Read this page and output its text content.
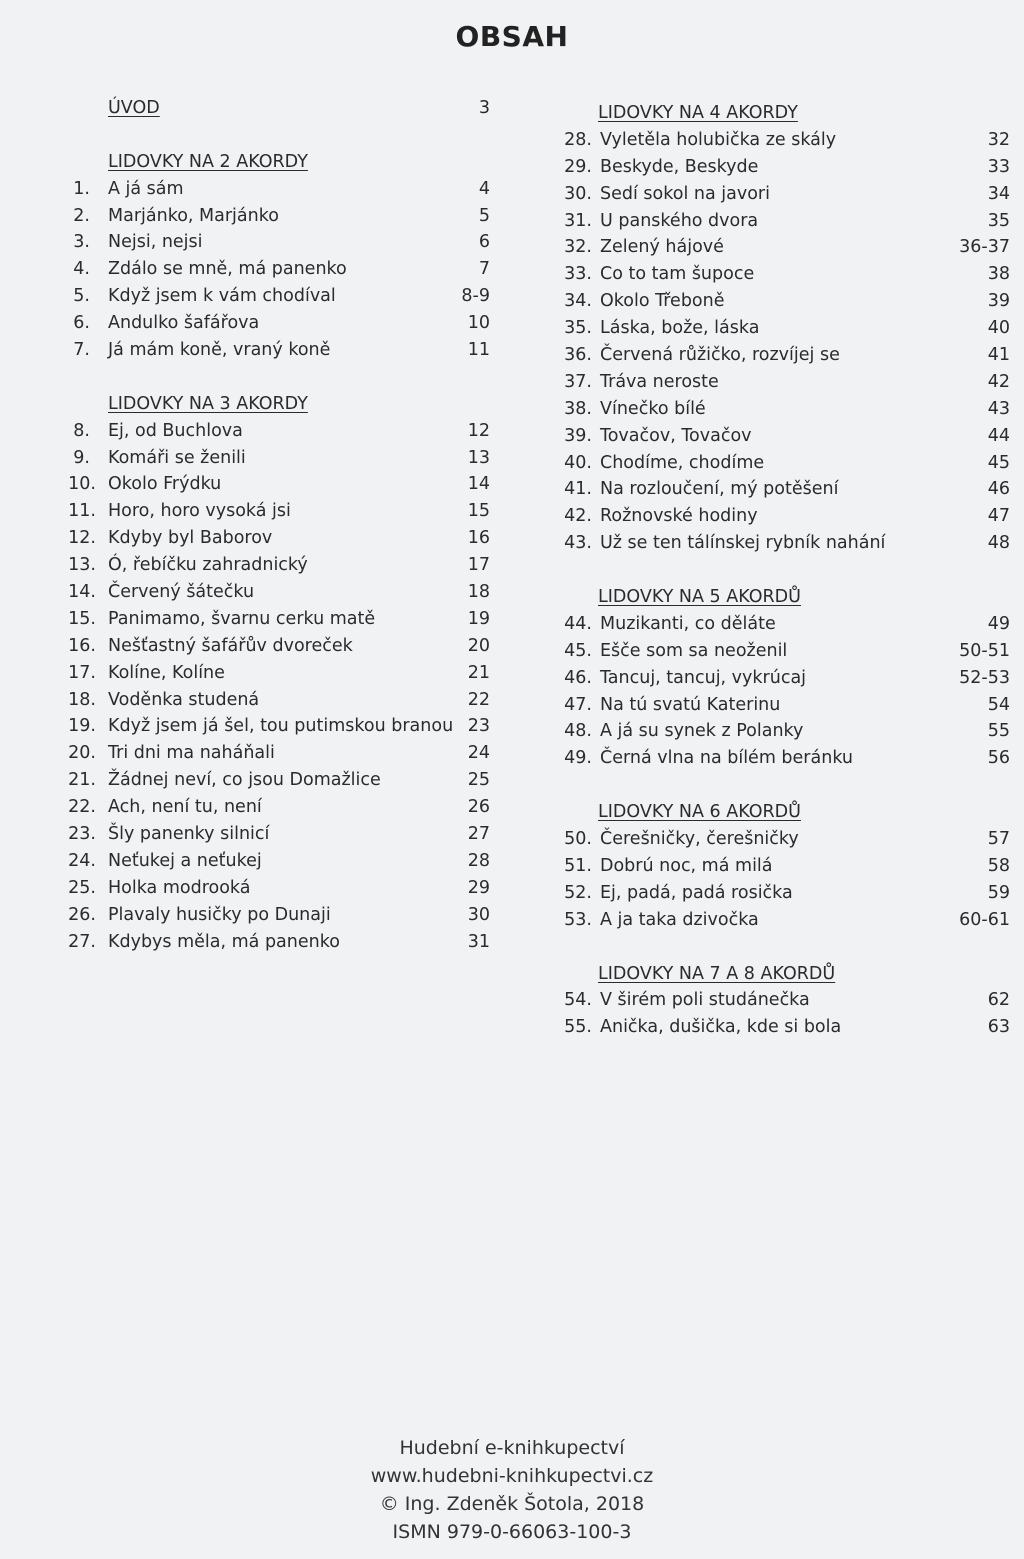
OBSAH
ÚVOD	3
LIDOVKY NA 2 AKORDY
1. A já sám	4
2. Marjánko, Marjánko	5
3. Nejsi, nejsi	6
4. Zdálo se mně, má panenko	7
5. Když jsem k vám chodíval	8-9
6. Andulko šafářova	10
7. Já mám koně, vraný koně	11
LIDOVKY NA 3 AKORDY
8. Ej, od Buchlova	12
9. Komáři se ženili	13
10. Okolo Frýdku	14
11. Horo, horo vysoká jsi	15
12. Kdyby byl Baborov	16
13. Ó, řebíčku zahradnický	17
14. Červený šátečku	18
15. Panimamo, švarnu cerku matě	19
16. Nešťastný šafářův dvoreček	20
17. Kolíne, Kolíne	21
18. Voděnka studená	22
19. Když jsem já šel, tou putimskou branou 23
20. Tri dni ma naháňali	24
21. Žádnej neví, co jsou Domažlice	25
22. Ach, není tu, není	26
23. Šly panenky silnicí	27
24. Neťukej a neťukej	28
25. Holka modrooká	29
26. Plavaly husičky po Dunaji	30
27. Kdybys měla, má panenko	31
LIDOVKY NA 4 AKORDY
28. Vyletěla holubička ze skály	32
29. Beskyde, Beskyde	33
30. Sedí sokol na javori	34
31. U panského dvora	35
32. Zelený hájové	36-37
33. Co to tam šupoce	38
34. Okolo Třeboně	39
35. Láska, bože, láska	40
36. Červená růžičko, rozvíjej se	41
37. Tráva neroste	42
38. Vínečko bílé	43
39. Tovačov, Tovačov	44
40. Chodíme, chodíme	45
41. Na rozloučení, mý potěšení	46
42. Rožnovské hodiny	47
43. Už se ten tálínskej rybník nahání	48
LIDOVKY NA 5 AKORDŮ
44. Muzikanti, co děláte	49
45. Ešče som sa neoženil	50-51
46. Tancuj, tancuj, vykrúcaj	52-53
47. Na tú svatú Katerinu	54
48. A já su synek z Polanky	55
49. Černá vlna na bílém beránku	56
LIDOVKY NA 6 AKORDŮ
50. Čerešničky, čerešničky	57
51. Dobrú noc, má milá	58
52. Ej, padá, padá rosička	59
53. A ja taka dzivočka	60-61
LIDOVKY NA 7 A 8 AKORDŮ
54. V širém poli studánečka	62
55. Anička, dušička, kde si bola	63
Hudební e-knihkupectví
www.hudebni-knihkupectvi.cz
© Ing. Zdeněk Šotola, 2018
ISMN 979-0-66063-100-3
